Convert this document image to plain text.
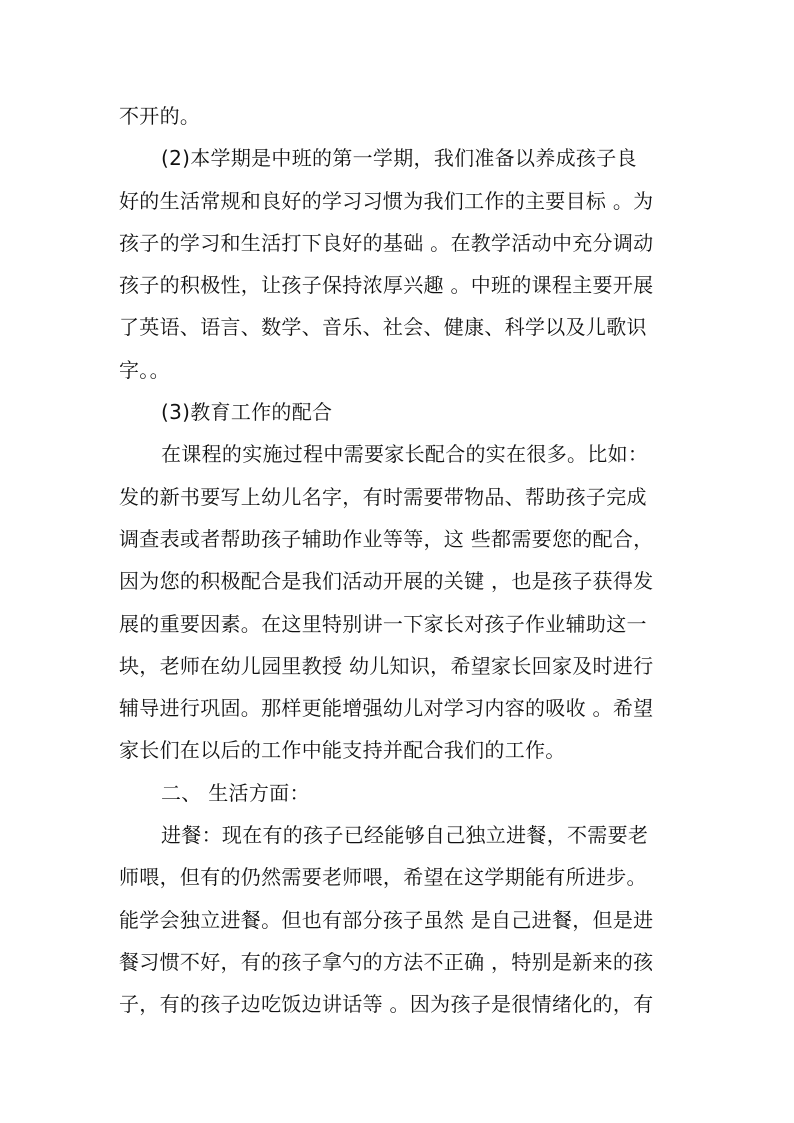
不开的。
(2)本学期是中班的第一学期，我们准备以养成孩子良
好的生活常规和良好的学习习惯为我们工作的主要目标 。为
孩子的学习和生活打下良好的基础 。在教学活动中充分调动
孩子的积极性，让孩子保持浓厚兴趣 。中班的课程主要开展
了英语、语言、数学、音乐、社会、健康、科学以及儿歌识
字。。
(3)教育工作的配合
在课程的实施过程中需要家长配合的实在很多。比如：
发的新书要写上幼儿名字，有时需要带物品、帮助孩子完成
调查表或者帮助孩子辅助作业等等，这 些都需要您的配合，
因为您的积极配合是我们活动开展的关键 ，也是孩子获得发
展的重要因素。在这里特别讲一下家长对孩子作业辅助这一
块，老师在幼儿园里教授 幼儿知识，希望家长回家及时进行
辅导进行巩固。那样更能增强幼儿对学习内容的吸收 。希望
家长们在以后的工作中能支持并配合我们的工作。
二、 生活方面：
进餐：现在有的孩子已经能够自己独立进餐，不需要老
师喂，但有的仍然需要老师喂，希望在这学期能有所进步。
能学会独立进餐。但也有部分孩子虽然 是自己进餐，但是进
餐习惯不好，有的孩子拿勺的方法不正确 ，特别是新来的孩
子，有的孩子边吃饭边讲话等 。因为孩子是很情绪化的，有
